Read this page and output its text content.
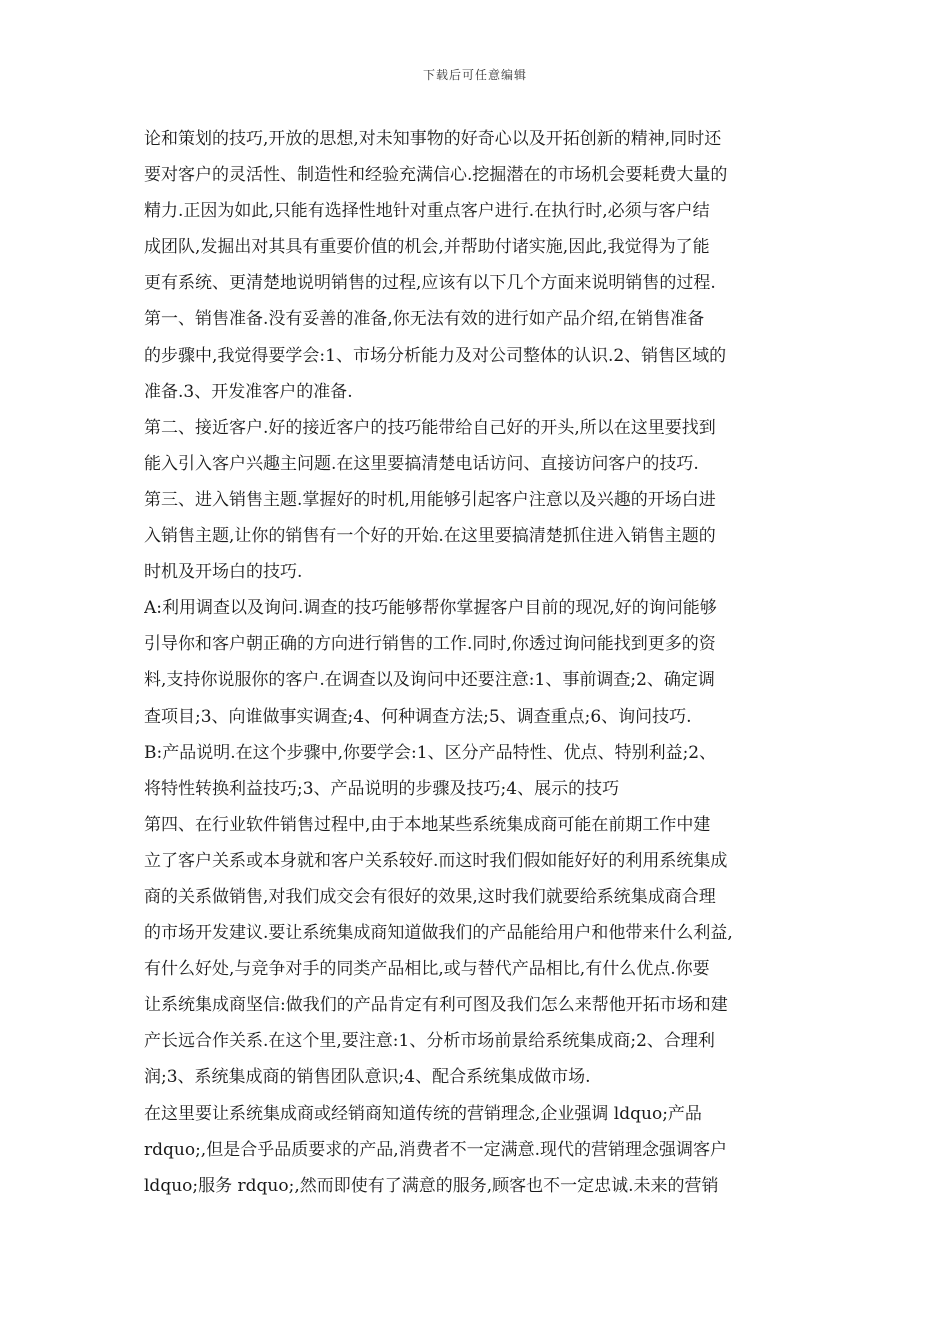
下载后可任意编辑
论和策划的技巧,开放的思想,对未知事物的好奇心以及开拓创新的精神,同时还
要对客户的灵活性、制造性和经验充满信心.挖掘潜在的市场机会要耗费大量的
精力.正因为如此,只能有选择性地针对重点客户进行.在执行时,必须与客户结
成团队,发掘出对其具有重要价值的机会,并帮助付诸实施,因此,我觉得为了能
更有系统、更清楚地说明销售的过程,应该有以下几个方面来说明销售的过程.
第一、销售准备.没有妥善的准备,你无法有效的进行如产品介绍,在销售准备
的步骤中,我觉得要学会:1、市场分析能力及对公司整体的认识.2、销售区域的
准备.3、开发准客户的准备.
第二、接近客户.好的接近客户的技巧能带给自己好的开头,所以在这里要找到
能入引入客户兴趣主问题.在这里要搞清楚电话访问、直接访问客户的技巧.
第三、进入销售主题.掌握好的时机,用能够引起客户注意以及兴趣的开场白进
入销售主题,让你的销售有一个好的开始.在这里要搞清楚抓住进入销售主题的
时机及开场白的技巧.
A:利用调查以及询问.调查的技巧能够帮你掌握客户目前的现况,好的询问能够
引导你和客户朝正确的方向进行销售的工作.同时,你透过询问能找到更多的资
料,支持你说服你的客户.在调查以及询问中还要注意:1、事前调查;2、确定调
查项目;3、向谁做事实调查;4、何种调查方法;5、调查重点;6、询问技巧.
B:产品说明.在这个步骤中,你要学会:1、区分产品特性、优点、特别利益;2、
将特性转换利益技巧;3、产品说明的步骤及技巧;4、展示的技巧
第四、在行业软件销售过程中,由于本地某些系统集成商可能在前期工作中建
立了客户关系或本身就和客户关系较好.而这时我们假如能好好的利用系统集成
商的关系做销售,对我们成交会有很好的效果,这时我们就要给系统集成商合理
的市场开发建议.要让系统集成商知道做我们的产品能给用户和他带来什么利益,
有什么好处,与竞争对手的同类产品相比,或与替代产品相比,有什么优点.你要
让系统集成商坚信:做我们的产品肯定有利可图及我们怎么来帮他开拓市场和建
产长远合作关系.在这个里,要注意:1、分析市场前景给系统集成商;2、合理利
润;3、系统集成商的销售团队意识;4、配合系统集成做市场.
在这里要让系统集成商或经销商知道传统的营销理念,企业强调 ldquo;产品
rdquo;,但是合乎品质要求的产品,消费者不一定满意.现代的营销理念强调客户
ldquo;服务 rdquo;,然而即使有了满意的服务,顾客也不一定忠诚.未来的营销
